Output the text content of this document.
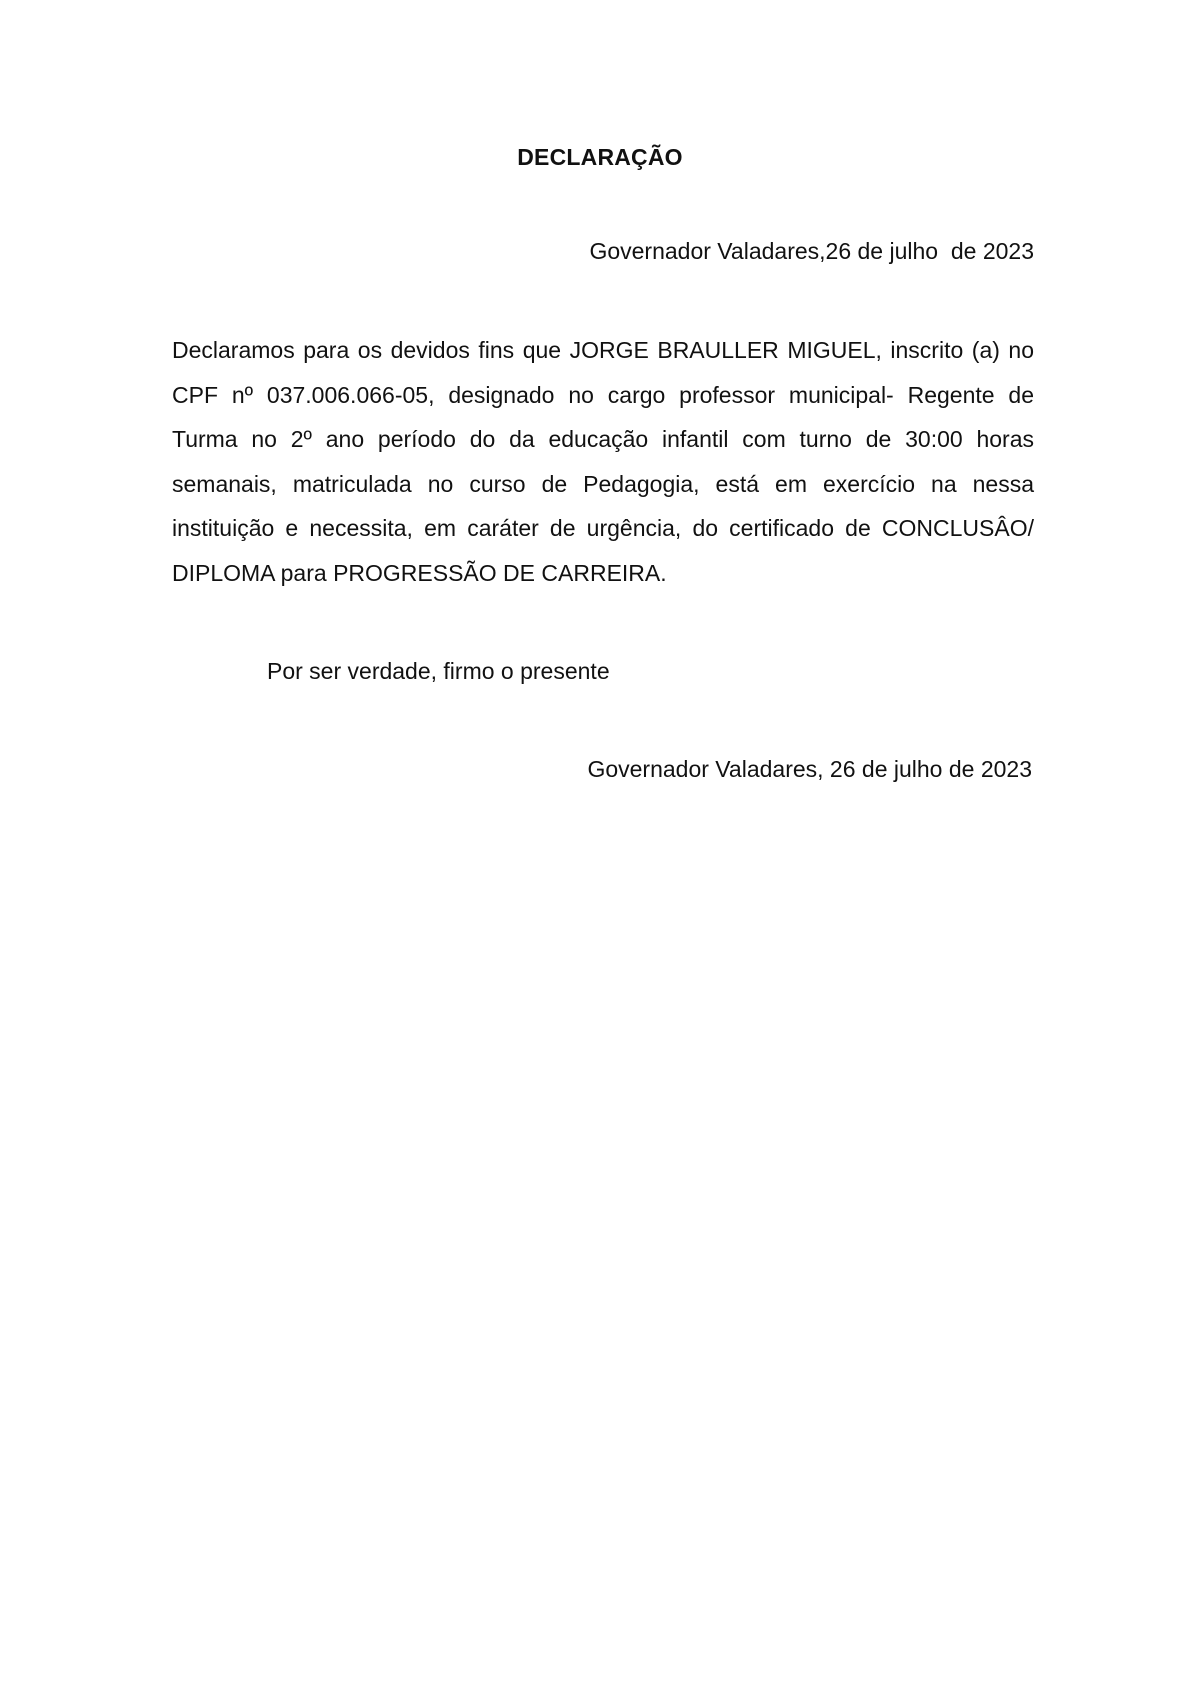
DECLARAÇÃO
Governador Valadares,26 de julho  de 2023

Declaramos para os devidos fins que JORGE BRAULLER MIGUEL, inscrito (a) no CPF nº 037.006.066-05, designado no cargo professor municipal- Regente de Turma no 2º ano período do da educação infantil com turno de 30:00 horas semanais, matriculada no curso de Pedagogia, está em exercício na nessa instituição e necessita, em caráter de urgência, do certificado de CONCLUSÂO/ DIPLOMA para PROGRESSÃO DE CARREIRA.

Por ser verdade, firmo o presente
Governador Valadares, 26 de julho de 2023
